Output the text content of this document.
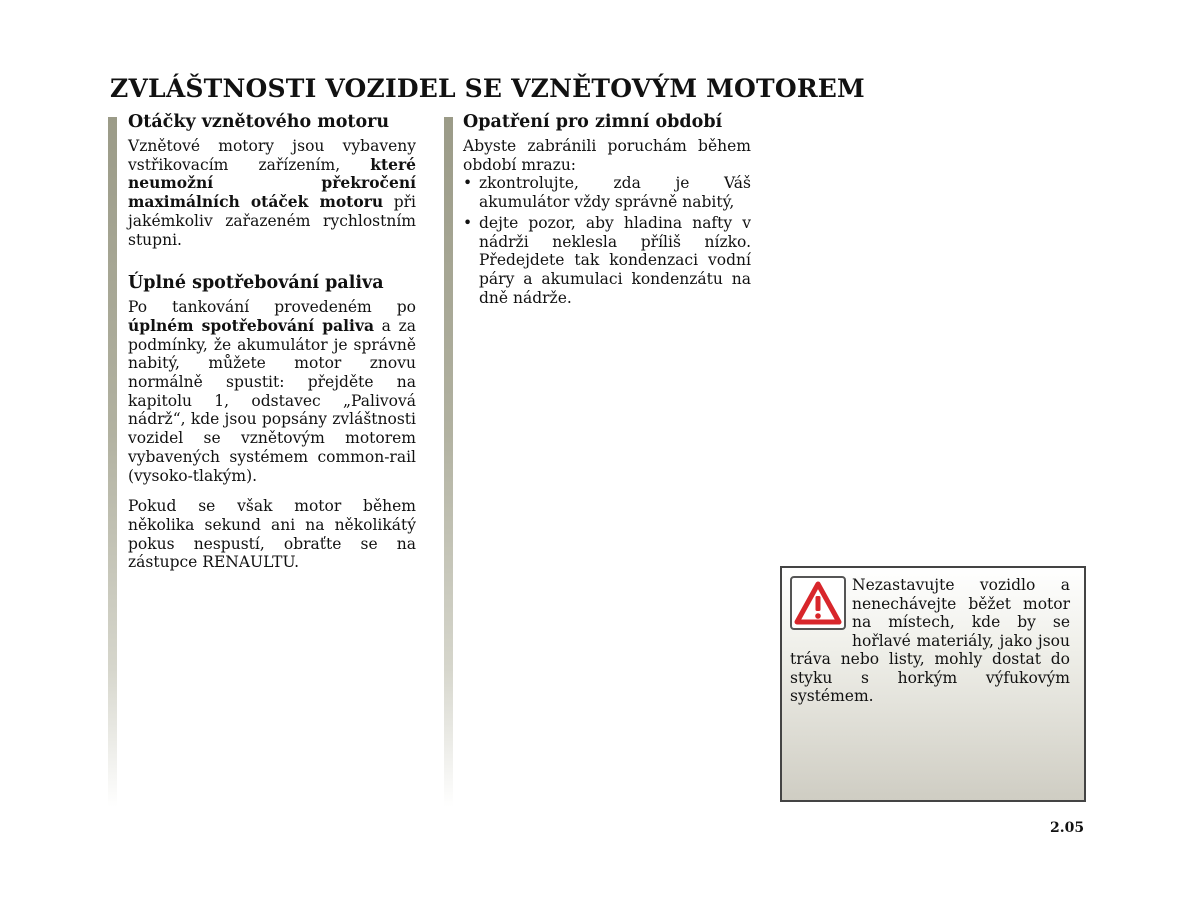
ZVLÁŠTNOSTI VOZIDEL SE VZNĚTOVÝM MOTOREM
Otáčky vznětového motoru

Vznětové motory jsou vybaveny vstřikovacím zařízením, které neumožní překročení maximálních otáček motoru při jakémkoliv zařazeném rychlostním stupni.

Úplné spotřebování paliva

Po tankování provedeném po úplném spotřebování paliva a za podmínky, že akumulátor je správně nabitý, můžete motor znovu normálně spustit: přejděte na kapitolu 1, odstavec „Palivová nádrž“, kde jsou popsány zvláštnosti vozidel se vznětovým motorem vybavených systémem common-rail (vysoko-tlakým).

Pokud se však motor během několika sekund ani na několikátý pokus nespustí, obraťte se na zástupce RENAULTU.

Opatření pro zimní období

Abyste zabránili poruchám během období mrazu:

• zkontrolujte, zda je Váš akumulátor vždy správně nabitý,
• dejte pozor, aby hladina nafty v nádrži neklesla příliš nízko. Předejdete tak kondenzaci vodní páry a akumulaci kondenzátu na dně nádrže.

Nezastavujte vozidlo a nenechávejte běžet motor na místech, kde by se hořlavé materiály, jako jsou tráva nebo listy, mohly dostat do styku s horkým výfukovým systémem.

2.05
